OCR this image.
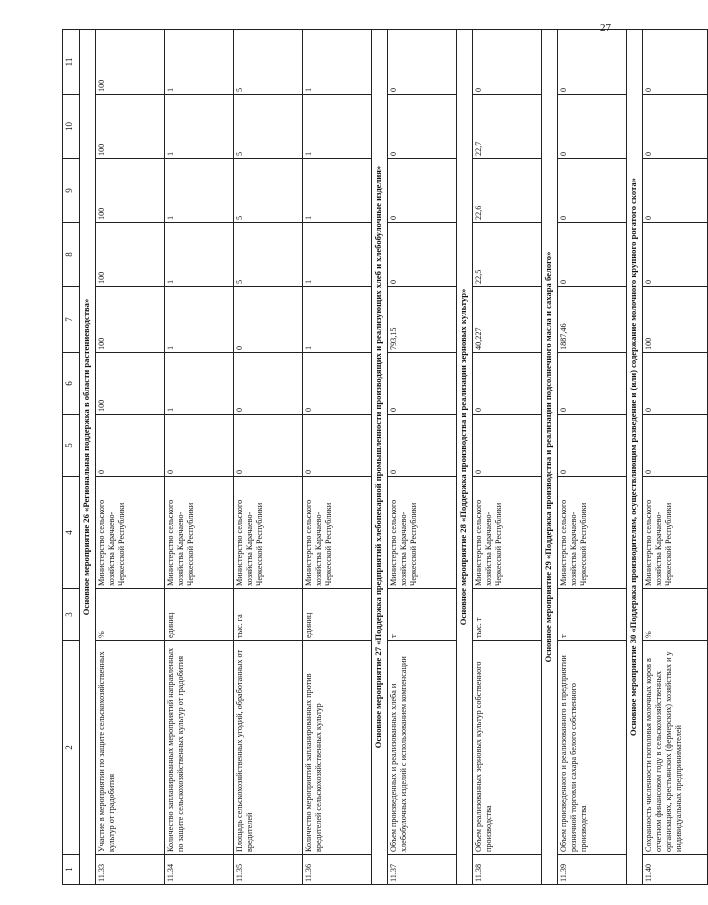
27
1	2	3	4	5	6	7	8	9	10	11
Основное мероприятие 26 «Региональная поддержка в области растениеводства»										
11.33	Участие в мероприятии по защите сельскохозяйственных культур от градобития	%	Министерство сельского хозяйства Карачаево-Черкесской Республики	0	100	100	100	100	100	100
11.34	Количество запланированных мероприятий направленных по защите сельскохозяйственных культур от градобития	единиц	Министерство сельского хозяйства Карачаево-Черкесской Республики	0	1	1	1	1	1	1
11.35	Площадь сельскохозяйственных угодий, обработанных от вредителей	тыс. га	Министерство сельского хозяйства Карачаево-Черкесской Республики	0	0	0	5	5	5	5
11.36	Количество мероприятий запланированных против вредителей сельскохозяйственных культур	единиц	Министерство сельского хозяйства Карачаево-Черкесской Республики	0	0	1	1	1	1	1
Основное мероприятие 27 «Поддержка предприятий хлебопекарной промышленности производящих и реализующих хлеб и хлебобулочные изделия»										
11.37	Объем произведенных и реализованных хлеба и хлебобулочных изделий с использованием компенсации	т	Министерство сельского хозяйства Карачаево-Черкесской Республики	0	0	793,15	0	0	0	0
Основное мероприятие 28 «Поддержка производства и реализации зерновых культур»										
11.38	Объем реализованных зерновых культур собственного производства	тыс. т	Министерство сельского хозяйства Карачаево-Черкесской Республики	0	0	40,227	22,5	22,6	22,7	0
Основное мероприятие 29 «Поддержка производства и реализации подсолнечного масла и сахара белого»										
11.39	Объем произведенного и реализованного в предприятии розничной торговли сахара белого собственного производства	т	Министерство сельского хозяйства Карачаево-Черкесской Республики	0	0	1887,46	0	0	0	0
Основное мероприятие 30 «Поддержка производителям, осуществляющим разведение и (или) содержание молочного крупного рогатого скота»										
11.40	Сохранность численности поголовья молочных коров в отчетном финансовом году в сельскохозяйственных организациях, крестьянских (фермерских) хозяйствах и у индивидуальных предпринимателей	%	Министерство сельского хозяйства Карачаево-Черкесской Республики	0	0	100	0	0	0	0
